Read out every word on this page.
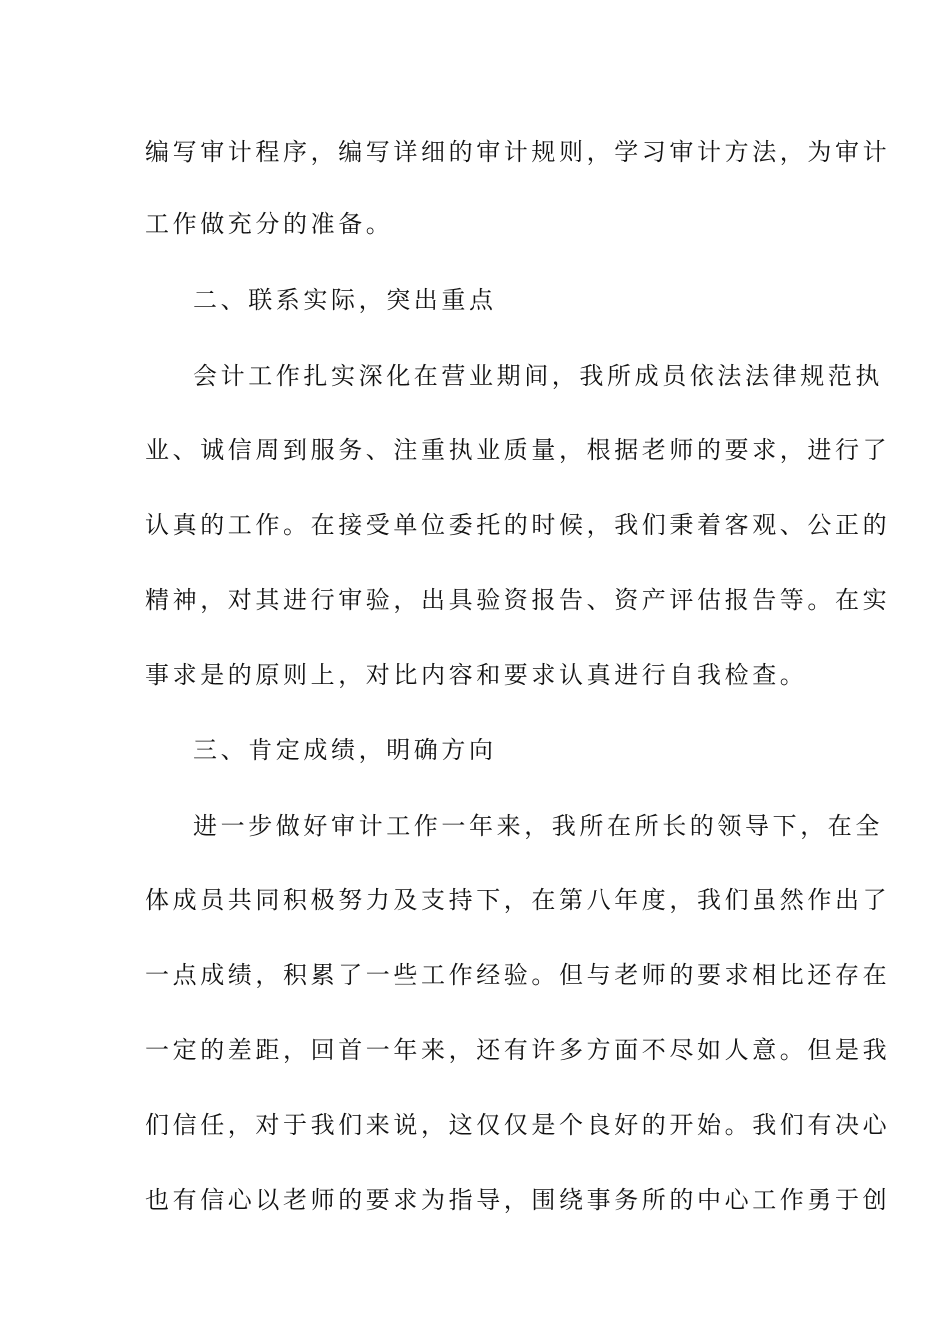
编写审计程序，编写详细的审计规则，学习审计方法，为审计
工作做充分的准备。
二、联系实际，突出重点
会计工作扎实深化在营业期间，我所成员依法法律规范执
业、诚信周到服务、注重执业质量，根据老师的要求，进行了
认真的工作。在接受单位委托的时候，我们秉着客观、公正的
精神，对其进行审验，出具验资报告、资产评估报告等。在实
事求是的原则上，对比内容和要求认真进行自我检查。
三、肯定成绩，明确方向
进一步做好审计工作一年来，我所在所长的领导下，在全
体成员共同积极努力及支持下，在第八年度，我们虽然作出了
一点成绩，积累了一些工作经验。但与老师的要求相比还存在
一定的差距，回首一年来，还有许多方面不尽如人意。但是我
们信任，对于我们来说，这仅仅是个良好的开始。我们有决心
也有信心以老师的要求为指导，围绕事务所的中心工作勇于创
